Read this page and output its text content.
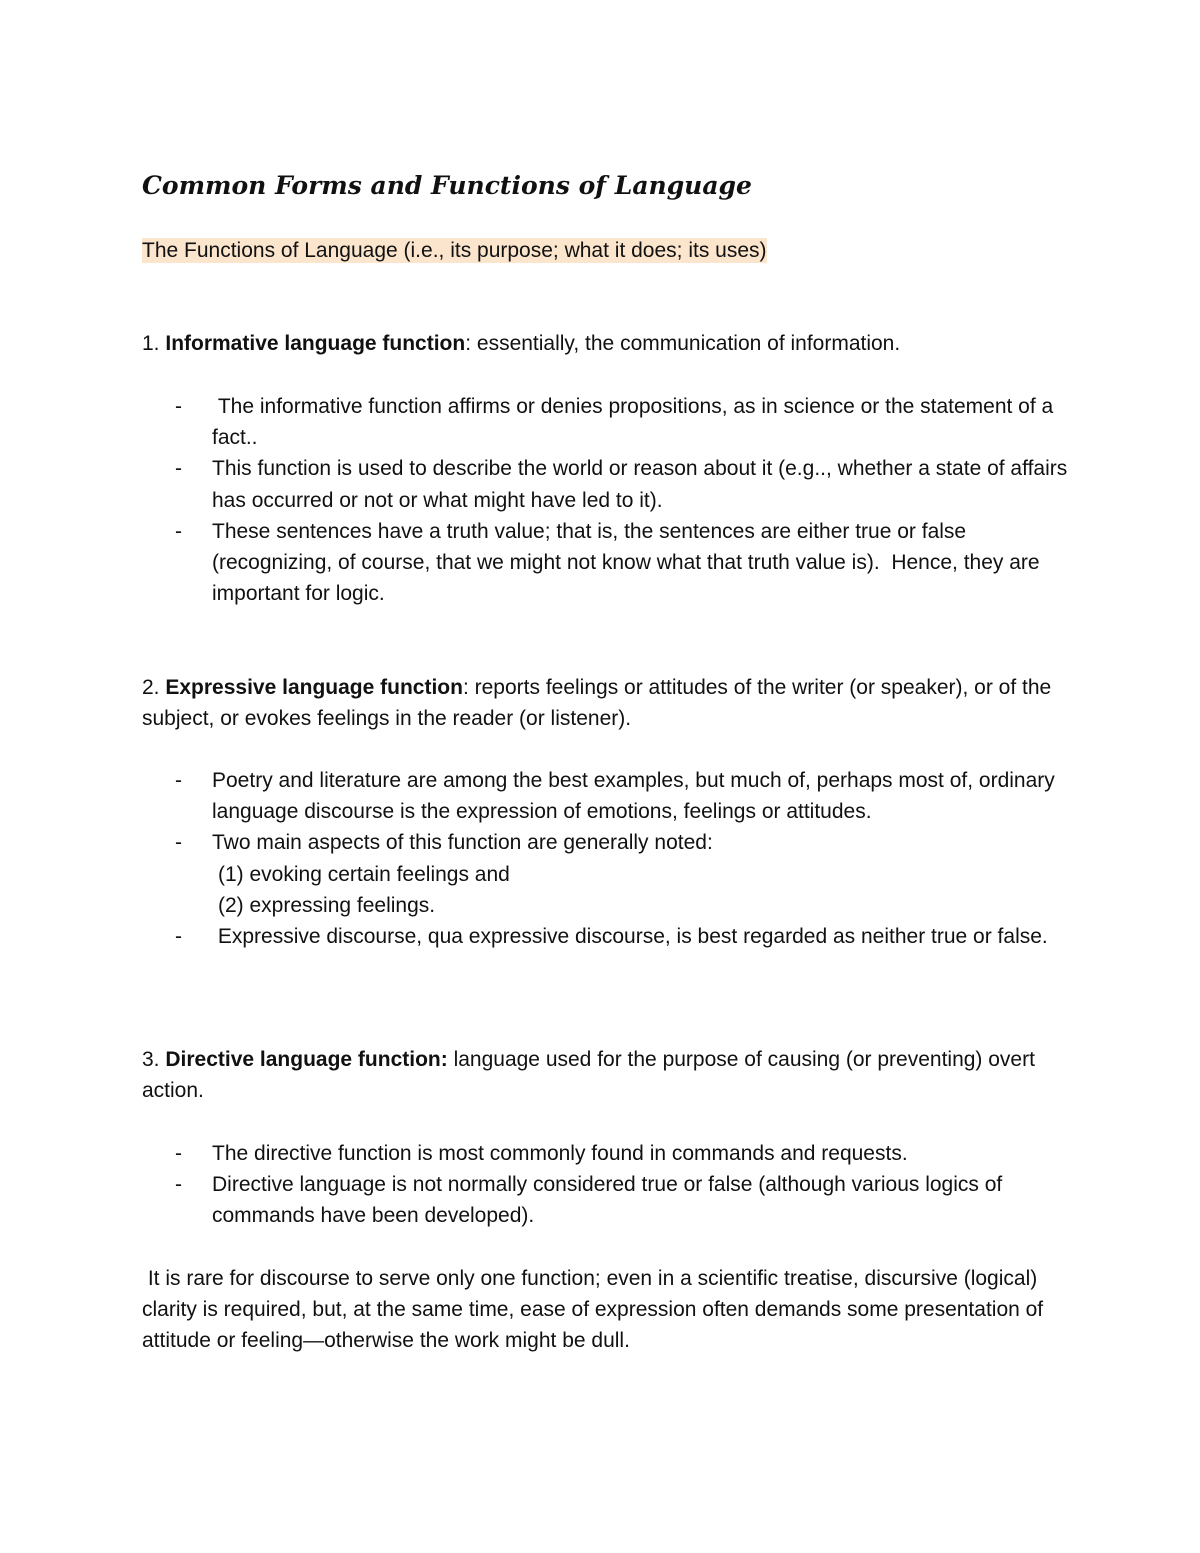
Common Forms and Functions of Language
The Functions of Language (i.e., its purpose; what it does; its uses)

1. Informative language function: essentially, the communication of information.

- The informative function affirms or denies propositions, as in science or the statement of a fact..
- This function is used to describe the world or reason about it (e.g.., whether a state of affairs has occurred or not or what might have led to it).
- These sentences have a truth value; that is, the sentences are either true or false (recognizing, of course, that we might not know what that truth value is).  Hence, they are important for logic.

2. Expressive language function: reports feelings or attitudes of the writer (or speaker), or of the subject, or evokes feelings in the reader (or listener).

- Poetry and literature are among the best examples, but much of, perhaps most of, ordinary language discourse is the expression of emotions, feelings or attitudes.
- Two main aspects of this function are generally noted:
(1) evoking certain feelings and
(2) expressing feelings.
- Expressive discourse, qua expressive discourse, is best regarded as neither true or false.

3. Directive language function: language used for the purpose of causing (or preventing) overt action.

- The directive function is most commonly found in commands and requests.
- Directive language is not normally considered true or false (although various logics of commands have been developed).

It is rare for discourse to serve only one function; even in a scientific treatise, discursive (logical) clarity is required, but, at the same time, ease of expression often demands some presentation of attitude or feeling—otherwise the work might be dull.
